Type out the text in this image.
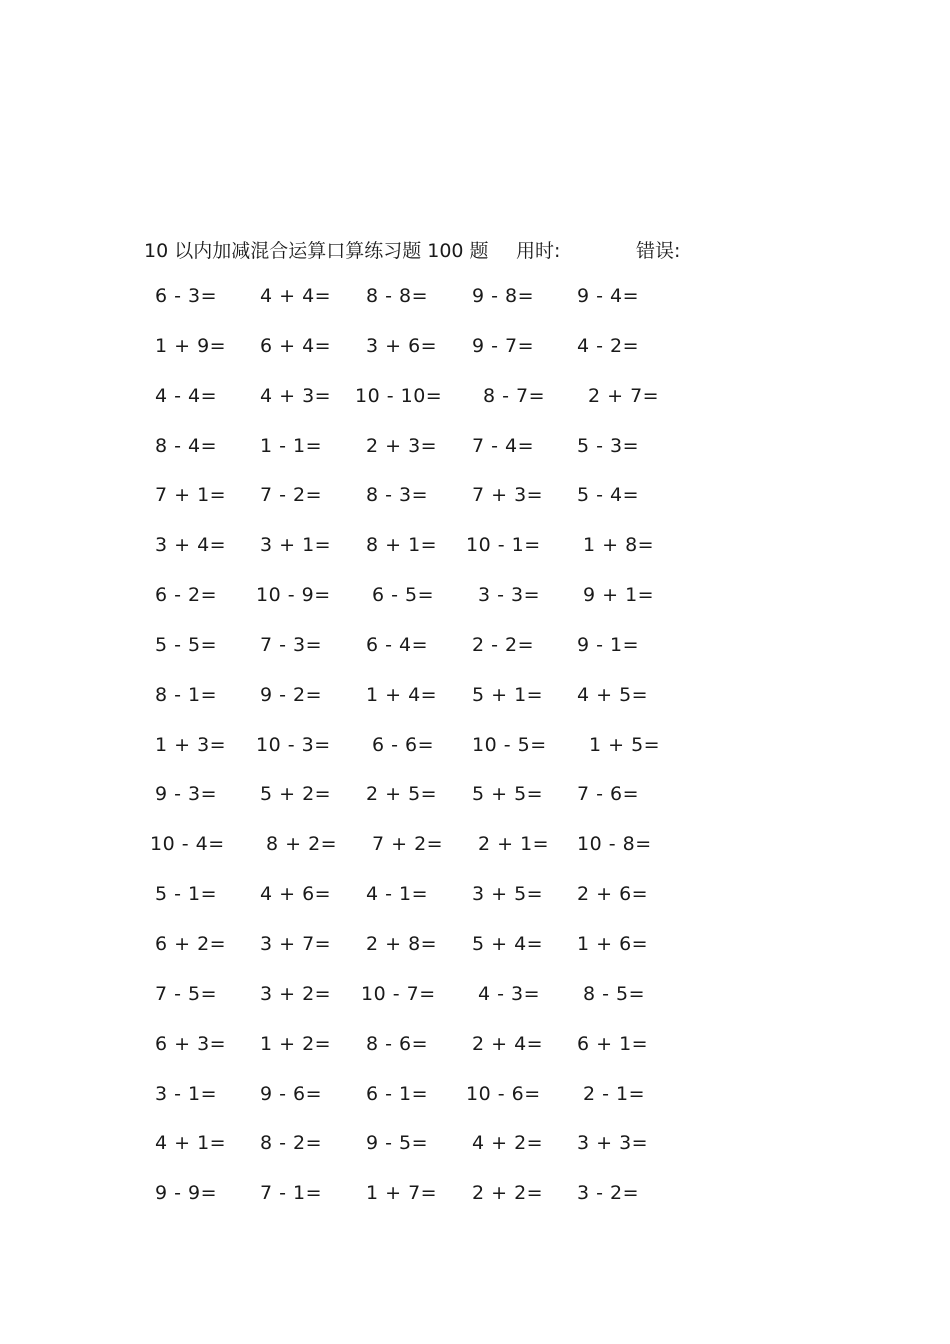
10 以内加减混合运算口算练习题 100 题 用时:	错误:
6 - 3= 4 + 4= 8 - 8= 9 - 8= 9 - 4=
1 + 9= 6 + 4= 3 + 6= 9 - 7= 4 - 2=
4 - 4= 4 + 3= 10 - 10= 8 - 7= 2 + 7=
8 - 4= 1 - 1= 2 + 3= 7 - 4= 5 - 3=
7 + 1= 7 - 2= 8 - 3= 7 + 3= 5 - 4=
3 + 4= 3 + 1= 8 + 1= 10 - 1= 1 + 8=
6 - 2= 10 - 9= 6 - 5= 3 - 3= 9 + 1=
5 - 5= 7 - 3= 6 - 4= 2 - 2= 9 - 1=
8 - 1= 9 - 2= 1 + 4= 5 + 1= 4 + 5=
1 + 3= 10 - 3= 6 - 6= 10 - 5= 1 + 5=
9 - 3= 5 + 2= 2 + 5= 5 + 5= 7 - 6=
10 - 4= 8 + 2= 7 + 2= 2 + 1= 10 - 8=
5 - 1= 4 + 6= 4 - 1= 3 + 5= 2 + 6=
6 + 2= 3 + 7= 2 + 8= 5 + 4= 1 + 6=
7 - 5= 3 + 2= 10 - 7= 4 - 3= 8 - 5=
6 + 3= 1 + 2= 8 - 6= 2 + 4= 6 + 1=
3 - 1= 9 - 6= 6 - 1= 10 - 6= 2 - 1=
4 + 1= 8 - 2= 9 - 5= 4 + 2= 3 + 3=
9 - 9= 7 - 1= 1 + 7= 2 + 2= 3 - 2=
